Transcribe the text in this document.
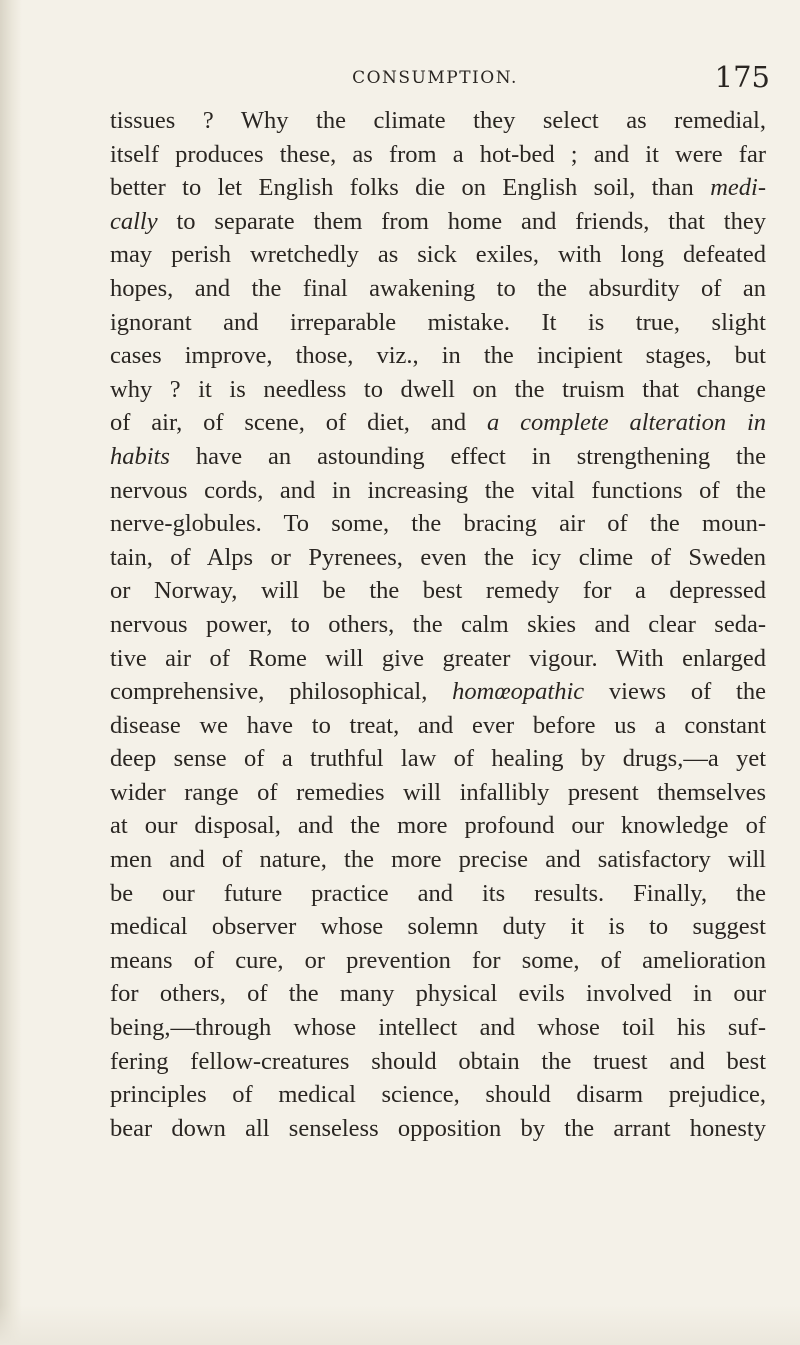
CONSUMPTION.	175
tissues ? Why the climate they select as remedial,
itself produces these, as from a hot-bed ; and it were far
better to let English folks die on English soil, than medi-
cally to separate them from home and friends, that they
may perish wretchedly as sick exiles, with long defeated
hopes, and the final awakening to the absurdity of an
ignorant and irreparable mistake. It is true, slight
cases improve, those, viz., in the incipient stages, but
why ? it is needless to dwell on the truism that change
of air, of scene, of diet, and a complete alteration in
habits have an astounding effect in strengthening the
nervous cords, and in increasing the vital functions of the
nerve-globules. To some, the bracing air of the moun-
tain, of Alps or Pyrenees, even the icy clime of Sweden
or Norway, will be the best remedy for a depressed
nervous power, to others, the calm skies and clear seda-
tive air of Rome will give greater vigour. With enlarged
comprehensive, philosophical, homœopathic views of the
disease we have to treat, and ever before us a constant
deep sense of a truthful law of healing by drugs,—a yet
wider range of remedies will infallibly present themselves
at our disposal, and the more profound our knowledge of
men and of nature, the more precise and satisfactory will
be our future practice and its results. Finally, the
medical observer whose solemn duty it is to suggest
means of cure, or prevention for some, of amelioration
for others, of the many physical evils involved in our
being,—through whose intellect and whose toil his suf-
fering fellow-creatures should obtain the truest and best
principles of medical science, should disarm prejudice,
bear down all senseless opposition by the arrant honesty
